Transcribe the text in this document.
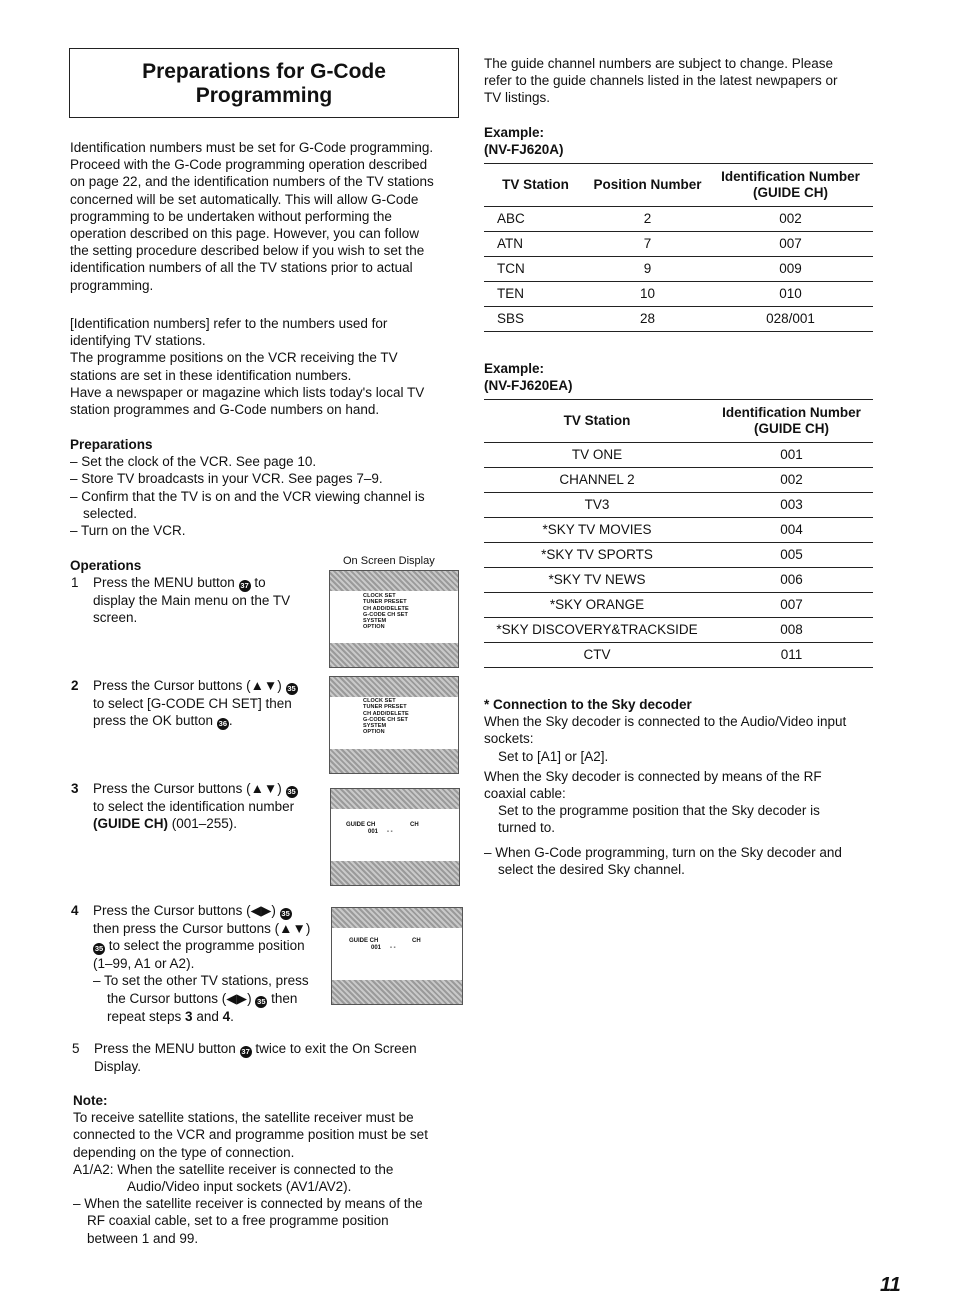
Preparations for G-Code
Programming
Identification numbers must be set for G-Code programming.
Proceed with the G-Code programming operation described
on page 22, and the identification numbers of the TV stations
concerned will be set automatically. This will allow G-Code
programming to be undertaken without performing the
operation described on this page. However, you can follow
the setting procedure described below if you wish to set the
identification numbers of all the TV stations prior to actual
programming.
[Identification numbers] refer to the numbers used for
identifying TV stations.
The programme positions on the VCR receiving the TV
stations are set in these identification numbers.
Have a newspaper or magazine which lists today's local TV
station programmes and G-Code numbers on hand.
Preparations
– Set the clock of the VCR. See page 10.
– Store TV broadcasts in your VCR. See pages 7–9.
– Confirm that the TV is on and the VCR viewing channel is
selected.
– Turn on the VCR.
Operations	On Screen Display
1 Press the MENU button 37 to
display the Main menu on the TV
screen.
CLOCK SET
TUNER PRESET
CH ADD/DELETE
G-CODE CH SET
SYSTEM
OPTION
2 Press the Cursor buttons (▲▼) 35
to select [G-CODE CH SET] then
press the OK button 36 .
CLOCK SET
TUNER PRESET
CH ADD/DELETE
G-CODE CH SET
SYSTEM
OPTION
3 Press the Cursor buttons (▲▼) 35
to select the identification number
(GUIDE CH) (001–255).	GUIDE CH	CH
001 - -
4 Press the Cursor buttons (◀▶) 35
then press the Cursor buttons (▲▼)
35 to select the programme position
(1–99, A1 or A2).
– To set the other TV stations, press
the Cursor buttons (◀▶) 35 then
repeat steps 3 and 4.
GUIDE CH	CH
001 - -
5 Press the MENU button 37 twice to exit the On Screen
Display.
Note:
To receive satellite stations, the satellite receiver must be
connected to the VCR and programme position must be set
depending on the type of connection.
A1/A2: When the satellite receiver is connected to the
Audio/Video input sockets (AV1/AV2).
– When the satellite receiver is connected by means of the
RF coaxial cable, set to a free programme position
between 1 and 99.
The guide channel numbers are subject to change. Please
refer to the guide channels listed in the latest newpapers or
TV listings.
Example:
(NV-FJ620A)
TV Station	Position Number	Identification Number
(GUIDE CH)

ABC	2	002
ATN	7	007
TCN	9	009
TEN	10	010
SBS	28	028/001
Example:
(NV-FJ620EA)
TV Station	Identification Number
(GUIDE CH)

TV ONE	001
CHANNEL 2	002
TV3	003
*SKY TV MOVIES	004
*SKY TV SPORTS	005
*SKY TV NEWS	006
*SKY ORANGE	007
*SKY DISCOVERY&TRACKSIDE	008
CTV	011
* Connection to the Sky decoder
When the Sky decoder is connected to the Audio/Video input
sockets:
Set to [A1] or [A2].
When the Sky decoder is connected by means of the RF
coaxial cable:
Set to the programme position that the Sky decoder is
turned to.
– When G-Code programming, turn on the Sky decoder and
select the desired Sky channel.
11
